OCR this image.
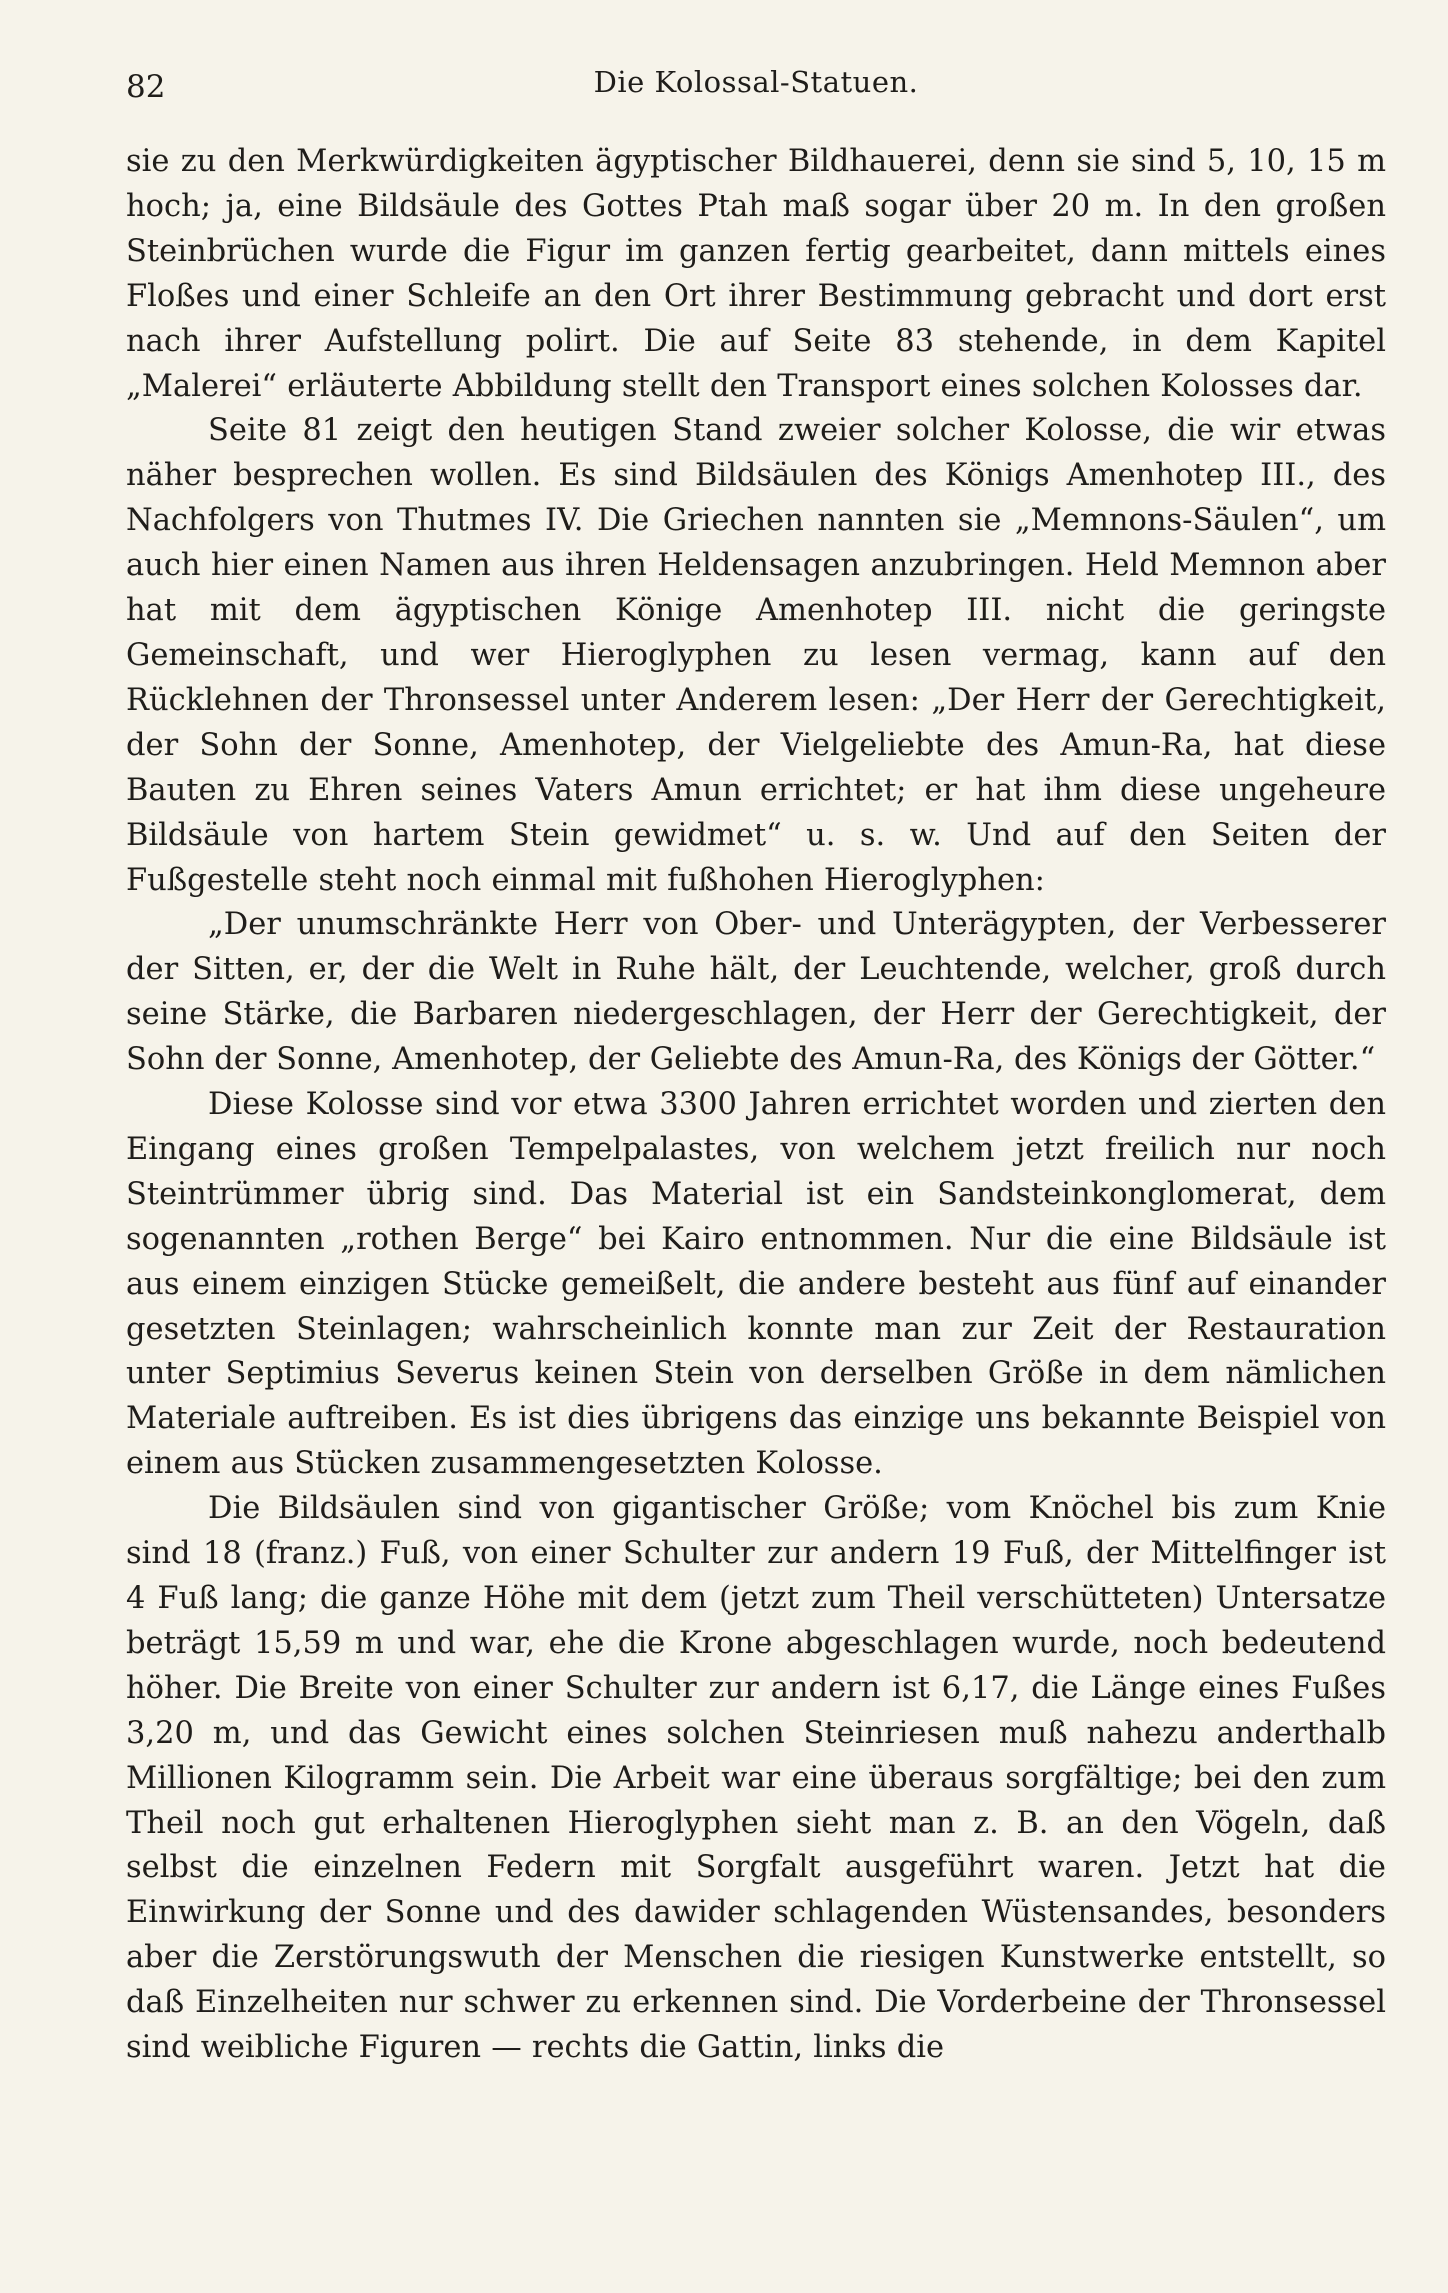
82	Die Kolossal-Statuen.

sie zu den Merkwürdigkeiten ägyptischer Bildhauerei, denn sie sind 5, 10, 15 m hoch; ja, eine Bildsäule des Gottes Ptah maß sogar über 20 m. In den großen Steinbrüchen wurde die Figur im ganzen fertig gearbeitet, dann mittels eines Floßes und einer Schleife an den Ort ihrer Bestimmung gebracht und dort erst nach ihrer Aufstellung polirt. Die auf Seite 83 stehende, in dem Kapitel „Malerei“ erläuterte Abbildung stellt den Transport eines solchen Kolosses dar.

Seite 81 zeigt den heutigen Stand zweier solcher Kolosse, die wir etwas näher besprechen wollen. Es sind Bildsäulen des Königs Amenhotep III., des Nachfolgers von Thutmes IV. Die Griechen nannten sie „Memnons-Säulen“, um auch hier einen Namen aus ihren Heldensagen anzubringen. Held Memnon aber hat mit dem ägyptischen Könige Amenhotep III. nicht die geringste Gemeinschaft, und wer Hieroglyphen zu lesen vermag, kann auf den Rücklehnen der Thronsessel unter Anderem lesen: „Der Herr der Gerechtigkeit, der Sohn der Sonne, Amenhotep, der Vielgeliebte des Amun-Ra, hat diese Bauten zu Ehren seines Vaters Amun errichtet; er hat ihm diese ungeheure Bildsäule von hartem Stein gewidmet“ u. s. w. Und auf den Seiten der Fußgestelle steht noch einmal mit fußhohen Hieroglyphen:

„Der unumschränkte Herr von Ober- und Unterägypten, der Verbesserer der Sitten, er, der die Welt in Ruhe hält, der Leuchtende, welcher, groß durch seine Stärke, die Barbaren niedergeschlagen, der Herr der Gerechtigkeit, der Sohn der Sonne, Amenhotep, der Geliebte des Amun-Ra, des Königs der Götter.“

Diese Kolosse sind vor etwa 3300 Jahren errichtet worden und zierten den Eingang eines großen Tempelpalastes, von welchem jetzt freilich nur noch Steintrümmer übrig sind. Das Material ist ein Sandsteinkonglomerat, dem sogenannten „rothen Berge“ bei Kairo entnommen. Nur die eine Bildsäule ist aus einem einzigen Stücke gemeißelt, die andere besteht aus fünf auf einander gesetzten Steinlagen; wahrscheinlich konnte man zur Zeit der Restauration unter Septimius Severus keinen Stein von derselben Größe in dem nämlichen Materiale auftreiben. Es ist dies übrigens das einzige uns bekannte Beispiel von einem aus Stücken zusammengesetzten Kolosse.

Die Bildsäulen sind von gigantischer Größe; vom Knöchel bis zum Knie sind 18 (franz.) Fuß, von einer Schulter zur andern 19 Fuß, der Mittelfinger ist 4 Fuß lang; die ganze Höhe mit dem (jetzt zum Theil verschütteten) Untersatze beträgt 15,59 m und war, ehe die Krone abgeschlagen wurde, noch bedeutend höher. Die Breite von einer Schulter zur andern ist 6,17, die Länge eines Fußes 3,20 m, und das Gewicht eines solchen Steinriesen muß nahezu anderthalb Millionen Kilogramm sein. Die Arbeit war eine überaus sorgfältige; bei den zum Theil noch gut erhaltenen Hieroglyphen sieht man z. B. an den Vögeln, daß selbst die einzelnen Federn mit Sorgfalt ausgeführt waren. Jetzt hat die Einwirkung der Sonne und des dawider schlagenden Wüstensandes, besonders aber die Zerstörungswuth der Menschen die riesigen Kunstwerke entstellt, so daß Einzelheiten nur schwer zu erkennen sind. Die Vorderbeine der Thronsessel sind weibliche Figuren — rechts die Gattin, links die
